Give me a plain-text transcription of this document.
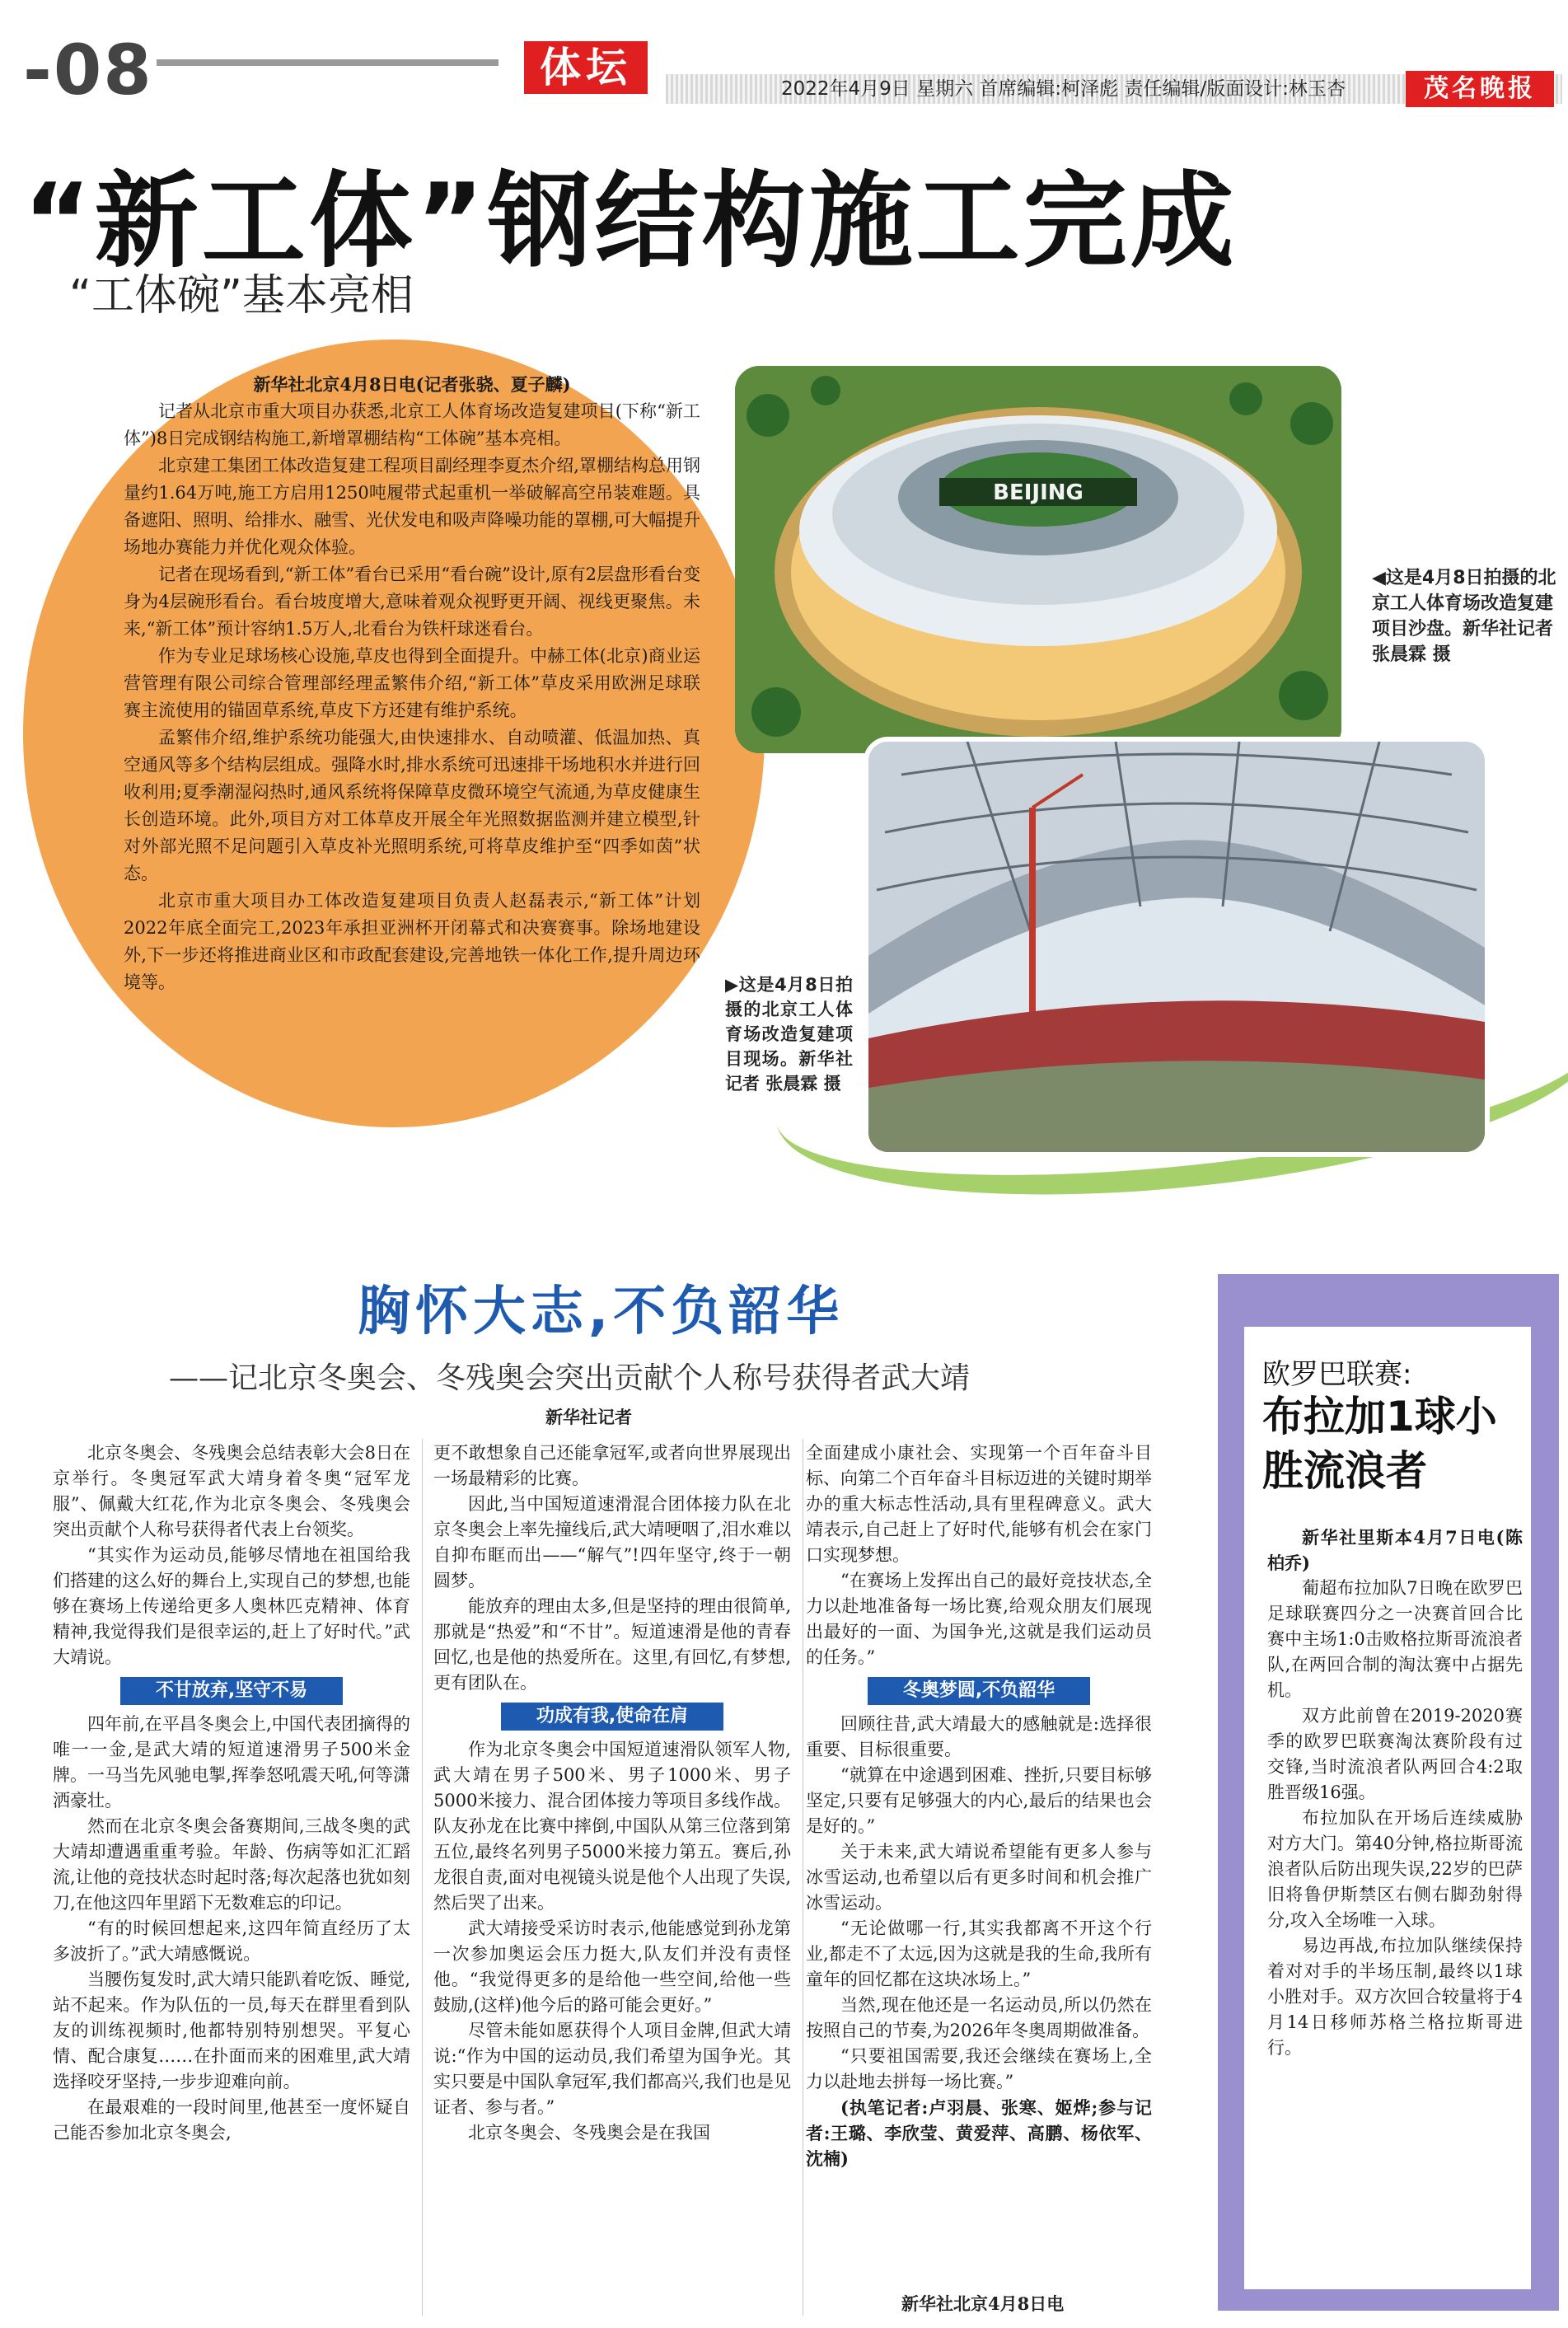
-08	体坛	2022年4月9日 星期六 首席编辑:柯泽彪 责任编辑/版面设计:林玉杏	茂名晚报
“新工体”钢结构施工完成
“工体碗”基本亮相
新华社北京4月8日电(记者张骁、夏子麟)
记者从北京市重大项目办获悉,北京工人体育场改造复建项目(下称“新工体”)8日完成钢结构施工,新增罩棚结构“工体碗”基本亮相。
北京建工集团工体改造复建工程项目副经理李夏杰介绍,罩棚结构总用钢量约1.64万吨,施工方启用1250吨履带式起重机一举破解高空吊装难题。具备遮阳、照明、给排水、融雪、光伏发电和吸声降噪功能的罩棚,可大幅提升场地办赛能力并优化观众体验。
记者在现场看到,“新工体”看台已采用“看台碗”设计,原有2层盘形看台变身为4层碗形看台。看台坡度增大,意味着观众视野更开阔、视线更聚焦。未来,“新工体”预计容纳1.5万人,北看台为铁杆球迷看台。
作为专业足球场核心设施,草皮也得到全面提升。中赫工体(北京)商业运营管理有限公司综合管理部经理孟繁伟介绍,“新工体”草皮采用欧洲足球联赛主流使用的锚固草系统,草皮下方还建有维护系统。
孟繁伟介绍,维护系统功能强大,由快速排水、自动喷灌、低温加热、真空通风等多个结构层组成。强降水时,排水系统可迅速排干场地积水并进行回收利用;夏季潮湿闷热时,通风系统将保障草皮微环境空气流通,为草皮健康生长创造环境。此外,项目方对工体草皮开展全年光照数据监测并建立模型,针对外部光照不足问题引入草皮补光照明系统,可将草皮维护至“四季如茵”状态。
北京市重大项目办工体改造复建项目负责人赵磊表示,“新工体”计划2022年底全面完工,2023年承担亚洲杯开闭幕式和决赛赛事。除场地建设外,下一步还将推进商业区和市政配套建设,完善地铁一体化工作,提升周边环境等。
BEIJING
◀这是4月8日拍摄的北京工人体育场改造复建项目沙盘。新华社记者 张晨霖 摄
▶这是4月8日拍摄的北京工人体育场改造复建项目现场。新华社记者 张晨霖 摄
胸怀大志,不负韶华
——记北京冬奥会、冬残奥会突出贡献个人称号获得者武大靖
新华社记者
北京冬奥会、冬残奥会总结表彰大会8日在京举行。冬奥冠军武大靖身着冬奥“冠军龙服”、佩戴大红花,作为北京冬奥会、冬残奥会突出贡献个人称号获得者代表上台领奖。
“其实作为运动员,能够尽情地在祖国给我们搭建的这么好的舞台上,实现自己的梦想,也能够在赛场上传递给更多人奥林匹克精神、体育精神,我觉得我们是很幸运的,赶上了好时代。”武大靖说。
不甘放弃,坚守不易
四年前,在平昌冬奥会上,中国代表团摘得的唯一一金,是武大靖的短道速滑男子500米金牌。一马当先风驰电掣,挥拳怒吼震天吼,何等潇洒豪壮。
然而在北京冬奥会备赛期间,三战冬奥的武大靖却遭遇重重考验。年龄、伤病等如汇汇蹈流,让他的竞技状态时起时落;每次起落也犹如刻刀,在他这四年里蹈下无数难忘的印记。
“有的时候回想起来,这四年简直经历了太多波折了。”武大靖感慨说。
当腰伤复发时,武大靖只能趴着吃饭、睡觉,站不起来。作为队伍的一员,每天在群里看到队友的训练视频时,他都特别特别想哭。平复心情、配合康复……在扑面而来的困难里,武大靖选择咬牙坚持,一步步迎难向前。
在最艰难的一段时间里,他甚至一度怀疑自己能否参加北京冬奥会,
更不敢想象自己还能拿冠军,或者向世界展现出一场最精彩的比赛。
因此,当中国短道速滑混合团体接力队在北京冬奥会上率先撞线后,武大靖哽咽了,泪水难以自抑布眶而出——“解气”!四年坚守,终于一朝圆梦。
能放弃的理由太多,但是坚持的理由很简单,那就是“热爱”和“不甘”。短道速滑是他的青春回忆,也是他的热爱所在。这里,有回忆,有梦想,更有团队在。
功成有我,使命在肩
作为北京冬奥会中国短道速滑队领军人物,武大靖在男子500米、男子1000米、男子5000米接力、混合团体接力等项目多线作战。队友孙龙在比赛中摔倒,中国队从第三位落到第五位,最终名列男子5000米接力第五。赛后,孙龙很自责,面对电视镜头说是他个人出现了失误,然后哭了出来。
武大靖接受采访时表示,他能感觉到孙龙第一次参加奥运会压力挺大,队友们并没有责怪他。“我觉得更多的是给他一些空间,给他一些鼓励,(这样)他今后的路可能会更好。”
尽管未能如愿获得个人项目金牌,但武大靖说:“作为中国的运动员,我们希望为国争光。其实只要是中国队拿冠军,我们都高兴,我们也是见证者、参与者。”
北京冬奥会、冬残奥会是在我国
全面建成小康社会、实现第一个百年奋斗目标、向第二个百年奋斗目标迈进的关键时期举办的重大标志性活动,具有里程碑意义。武大靖表示,自己赶上了好时代,能够有机会在家门口实现梦想。
“在赛场上发挥出自己的最好竞技状态,全力以赴地准备每一场比赛,给观众朋友们展现出最好的一面、为国争光,这就是我们运动员的任务。”
冬奥梦圆,不负韶华
回顾往昔,武大靖最大的感触就是:选择很重要、目标很重要。
“就算在中途遇到困难、挫折,只要目标够坚定,只要有足够强大的内心,最后的结果也会是好的。”
关于未来,武大靖说希望能有更多人参与冰雪运动,也希望以后有更多时间和机会推广冰雪运动。
“无论做哪一行,其实我都离不开这个行业,都走不了太远,因为这就是我的生命,我所有童年的回忆都在这块冰场上。”
当然,现在他还是一名运动员,所以仍然在按照自己的节奏,为2026年冬奥周期做准备。
“只要祖国需要,我还会继续在赛场上,全力以赴地去拼每一场比赛。”
(执笔记者:卢羽晨、张寒、姬烨;参与记者:王璐、李欣莹、黄爱萍、高鹏、杨依军、沈楠)
新华社北京4月8日电
欧罗巴联赛:
布拉加1球小胜流浪者
新华社里斯本4月7日电(陈柏乔)
葡超布拉加队7日晚在欧罗巴足球联赛四分之一决赛首回合比赛中主场1:0击败格拉斯哥流浪者队,在两回合制的淘汰赛中占据先机。
双方此前曾在2019-2020赛季的欧罗巴联赛淘汰赛阶段有过交锋,当时流浪者队两回合4:2取胜晋级16强。
布拉加队在开场后连续威胁对方大门。第40分钟,格拉斯哥流浪者队后防出现失误,22岁的巴萨旧将鲁伊斯禁区右侧右脚劲射得分,攻入全场唯一入球。
易边再战,布拉加队继续保持着对对手的半场压制,最终以1球小胜对手。双方次回合较量将于4月14日移师苏格兰格拉斯哥进行。
